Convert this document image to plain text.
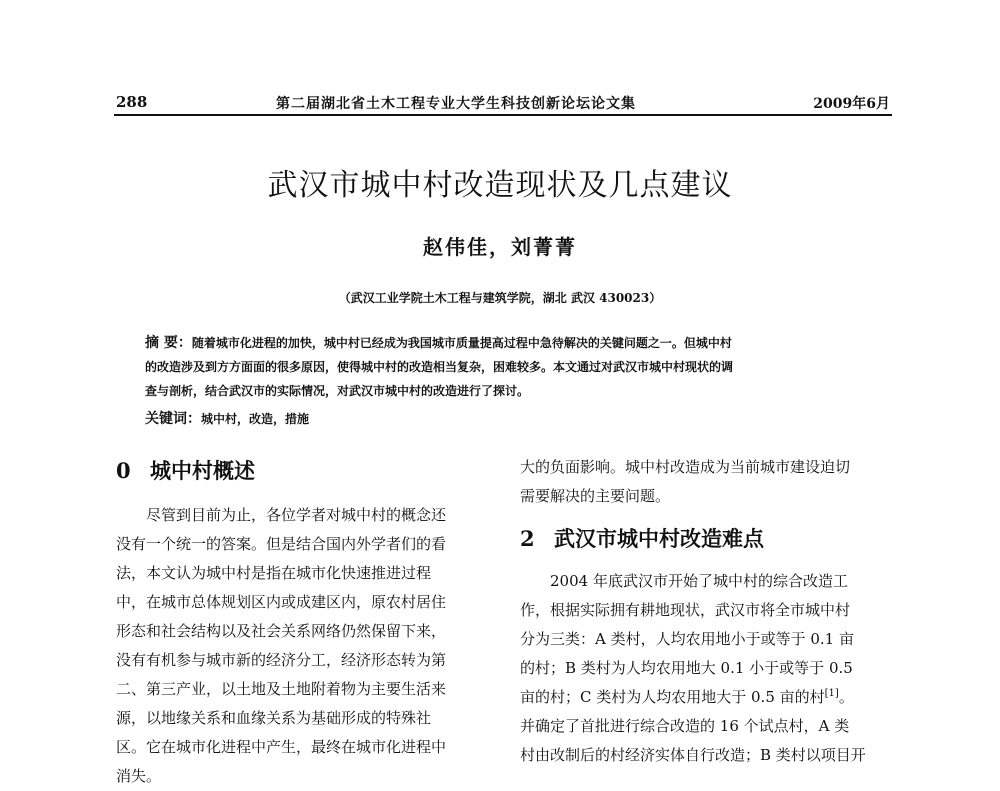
288	第二届湖北省土木工程专业大学生科技创新论坛论文集	2009年6月
武汉市城中村改造现状及几点建议
赵伟佳，刘菁菁
（武汉工业学院土木工程与建筑学院，湖北 武汉 430023）

摘 要：随着城市化进程的加快，城中村已经成为我国城市质量提高过程中急待解决的关键问题之一。但城中村

的改造涉及到方方面面的很多原因，使得城中村的改造相当复杂，困难较多。本文通过对武汉市城中村现状的调

查与剖析，结合武汉市的实际情况，对武汉市城中村的改造进行了探讨。

关键词：城中村，改造，措施
0 城中村概述

尽管到目前为止，各位学者对城中村的概念还

没有一个统一的答案。但是结合国内外学者们的看

法，本文认为城中村是指在城市化快速推进过程

中，在城市总体规划区内或成建区内，原农村居住

形态和社会结构以及社会关系网络仍然保留下来，

没有有机参与城市新的经济分工，经济形态转为第

二、第三产业，以土地及土地附着物为主要生活来

源，以地缘关系和血缘关系为基础形成的特殊社

区。它在城市化进程中产生，最终在城市化进程中

消失。

大的负面影响。城中村改造成为当前城市建设迫切

需要解决的主要问题。

2 武汉市城中村改造难点

2004 年底武汉市开始了城中村的综合改造工

作，根据实际拥有耕地现状，武汉市将全市城中村

分为三类：A 类村，人均农用地小于或等于 0.1 亩

的村；B 类村为人均农用地大 0.1 小于或等于 0.5

亩的村；C 类村为人均农用地大于 0.5 亩的村[1]。

并确定了首批进行综合改造的 16 个试点村，A 类

村由改制后的村经济实体自行改造；B 类村以项目开
